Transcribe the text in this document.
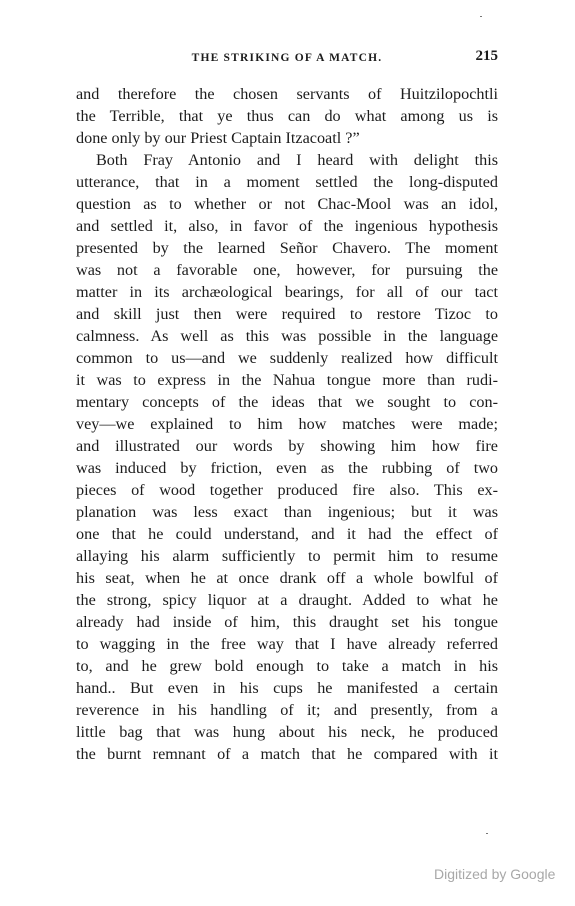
THE STRIKING OF A MATCH.	215
and therefore the chosen servants of Huitzilopochtli
the Terrible, that ye thus can do what among us is
done only by our Priest Captain Itzacoatl ?”
Both Fray Antonio and I heard with delight this
utterance, that in a moment settled the long-disputed
question as to whether or not Chac-Mool was an idol,
and settled it, also, in favor of the ingenious hypothesis
presented by the learned Señor Chavero. The moment
was not a favorable one, however, for pursuing the
matter in its archæological bearings, for all of our tact
and skill just then were required to restore Tizoc to
calmness. As well as this was possible in the language
common to us—and we suddenly realized how difficult
it was to express in the Nahua tongue more than rudi-
mentary concepts of the ideas that we sought to con-
vey—we explained to him how matches were made;
and illustrated our words by showing him how fire
was induced by friction, even as the rubbing of two
pieces of wood together produced fire also. This ex-
planation was less exact than ingenious; but it was
one that he could understand, and it had the effect of
allaying his alarm sufficiently to permit him to resume
his seat, when he at once drank off a whole bowlful of
the strong, spicy liquor at a draught. Added to what he
already had inside of him, this draught set his tongue
to wagging in the free way that I have already referred
to, and he grew bold enough to take a match in his
hand.. But even in his cups he manifested a certain
reverence in his handling of it; and presently, from a
little bag that was hung about his neck, he produced
the burnt remnant of a match that he compared with it
Digitized by Google
